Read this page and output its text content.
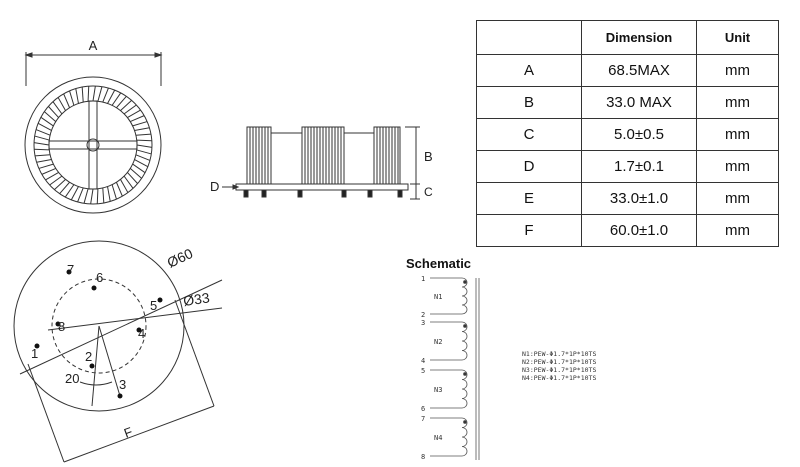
A
B
C
D
1	2
3
4
5
6
7
8
20
Ø60
Ø33
F
1
2
N1
3
4
N2
5
6
N3
7
8
N4
N1:PEW-Φ1.7*1P*10TS
N2:PEW-Φ1.7*1P*10TS
N3:PEW-Φ1.7*1P*10TS
N4:PEW-Φ1.7*1P*10TS
	Dimension	Unit
A	68.5MAX	mm
B	33.0 MAX	mm
C	5.0±0.5	mm
D	1.7±0.1	mm
E	33.0±1.0	mm
F	60.0±1.0	mm
Schematic
